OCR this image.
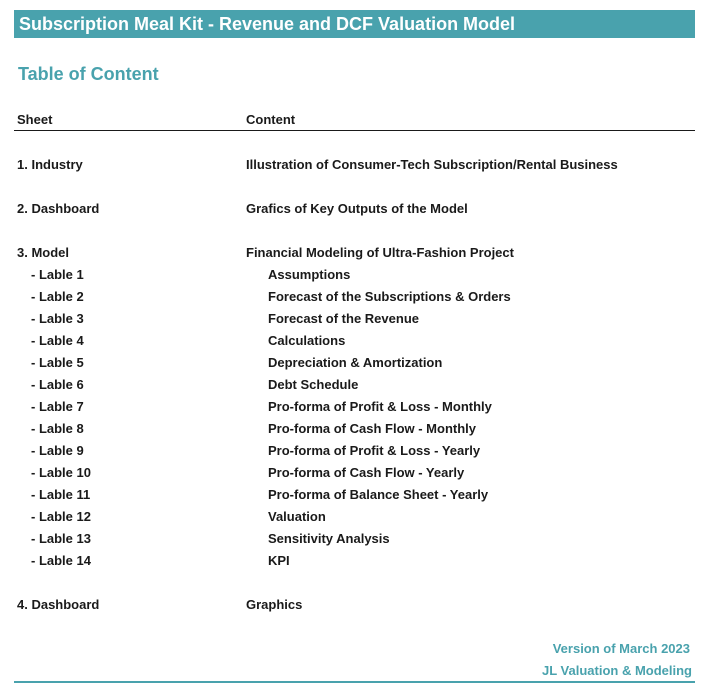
Subscription Meal Kit - Revenue and DCF Valuation Model
Table of Content
Sheet	Content
1. Industry	Illustration of Consumer-Tech Subscription/Rental Business
2. Dashboard	Grafics of Key Outputs of the Model
3. Model	Financial Modeling of Ultra-Fashion Project
- Lable 1	Assumptions
- Lable 2	Forecast of the Subscriptions & Orders
- Lable 3	Forecast of the Revenue
- Lable 4	Calculations
- Lable 5	Depreciation & Amortization
- Lable 6	Debt Schedule
- Lable 7	Pro-forma of Profit & Loss - Monthly
- Lable 8	Pro-forma of Cash Flow - Monthly
- Lable 9	Pro-forma of Profit & Loss - Yearly
- Lable 10	Pro-forma of Cash Flow - Yearly
- Lable 11	Pro-forma of Balance Sheet - Yearly
- Lable 12	Valuation
- Lable 13	Sensitivity Analysis
- Lable 14	KPI
4. Dashboard	Graphics
Version of March 2023
JL Valuation & Modeling
